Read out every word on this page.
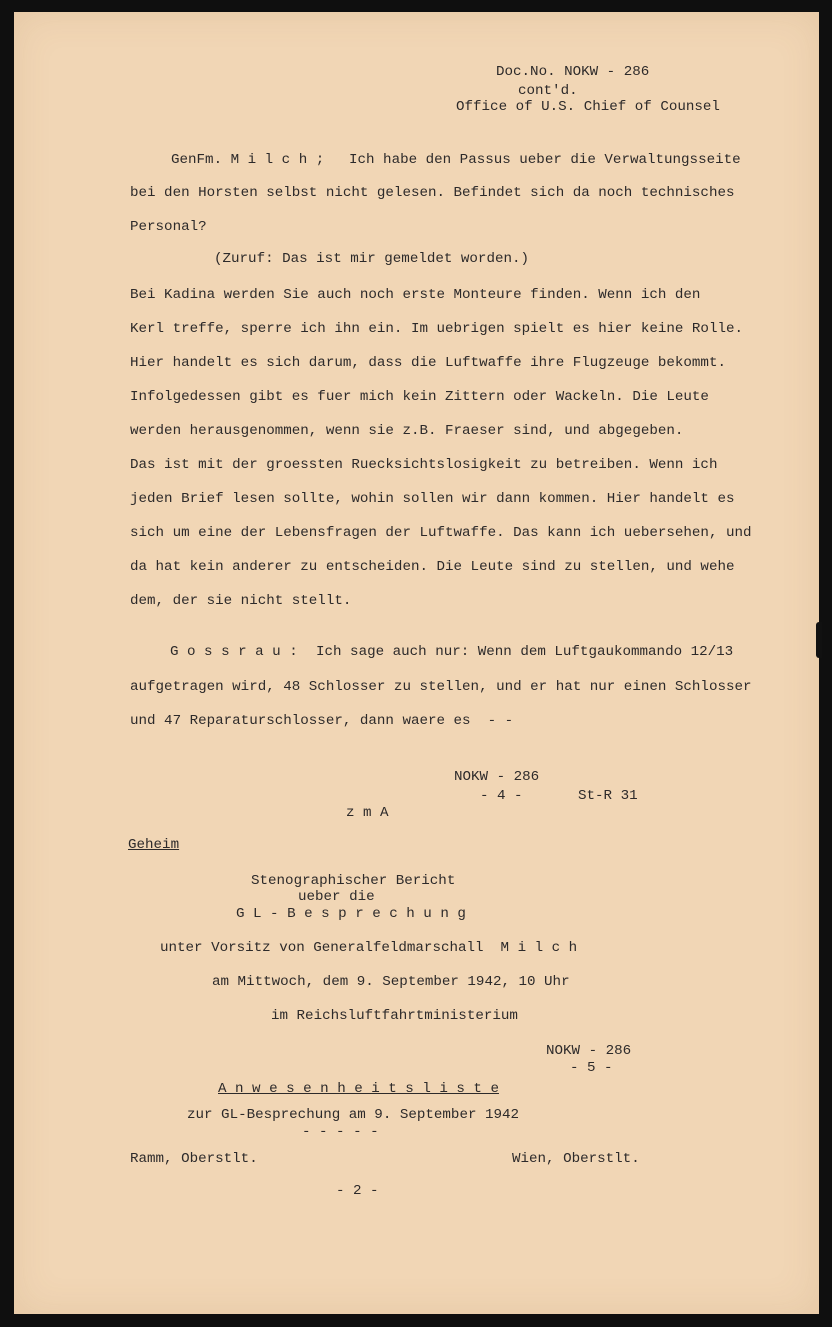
Doc.No. NOKW - 286
cont'd.
Office of U.S. Chief of Counsel
GenFm. M i l c h ; Ich habe den Passus ueber die Verwaltungsseite
bei den Horsten selbst nicht gelesen. Befindet sich da noch technisches
Personal?
(Zuruf: Das ist mir gemeldet worden.)
Bei Kadina werden Sie auch noch erste Monteure finden. Wenn ich den
Kerl treffe, sperre ich ihn ein. Im uebrigen spielt es hier keine Rolle.
Hier handelt es sich darum, dass die Luftwaffe ihre Flugzeuge bekommt.
Infolgedessen gibt es fuer mich kein Zittern oder Wackeln. Die Leute
werden herausgenommen, wenn sie z.B. Fraeser sind, und abgegeben.
Das ist mit der groessten Ruecksichtslosigkeit zu betreiben. Wenn ich
jeden Brief lesen sollte, wohin sollen wir dann kommen. Hier handelt es
sich um eine der Lebensfragen der Luftwaffe. Das kann ich uebersehen, und
da hat kein anderer zu entscheiden. Die Leute sind zu stellen, und wehe
dem, der sie nicht stellt.
G o s s r a u : Ich sage auch nur: Wenn dem Luftgaukommando 12/13
aufgetragen wird, 48 Schlosser zu stellen, und er hat nur einen Schlosser
und 47 Reparaturschlosser, dann waere es  - -
NOKW - 286
- 4 -	St-R 31
z m A
Geheim
Stenographischer Bericht
ueber die
G L - B e s p r e c h u n g
unter Vorsitz von Generalfeldmarschall  M i l c h
am Mittwoch, dem 9. September 1942, 10 Uhr
im Reichsluftfahrtministerium
NOKW - 286
- 5 -
A n w e s e n h e i t s l i s t e
zur GL-Besprechung am 9. September 1942
- - - - -
Ramm, Oberstlt.	Wien, Oberstlt.
- 2 -
